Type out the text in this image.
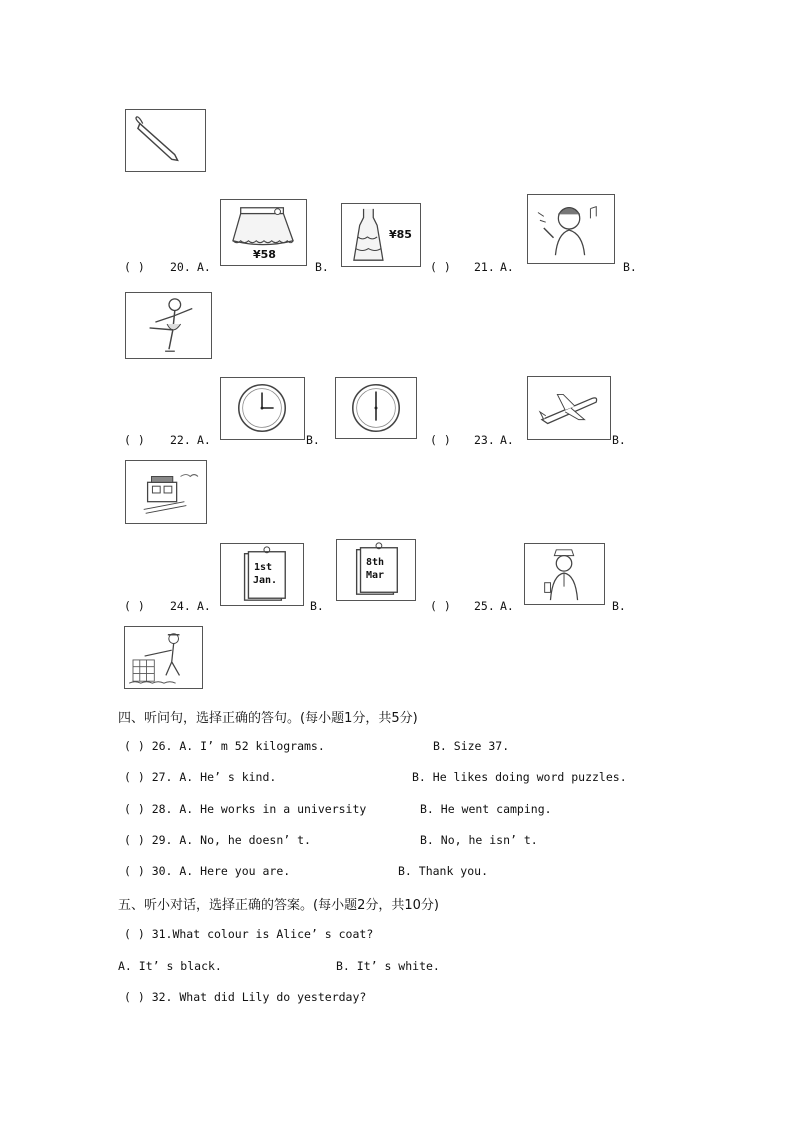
¥58
¥85
( ) 20. A.	B.	( ) 21. A.	B.
( ) 22. A.	B.	( ) 23. A.	B.
1st
Jan.
8th
Mar
( ) 24. A.	B.	( ) 25. A.	B.
四、听问句，选择正确的答句。(每小题1分，共5分)
( ) 26. A. I’ m 52 kilograms.	B. Size 37.
( ) 27. A. He’ s kind.	B. He likes doing word puzzles.
( ) 28. A. He works in a university	B. He went camping.
( ) 29. A. No, he doesn’ t.	B. No, he isn’ t.
( ) 30. A. Here you are.	B. Thank you.
五、听小对话，选择正确的答案。(每小题2分，共10分)
( ) 31.What colour is Alice’ s coat?
A. It’ s black.	B. It’ s white.
( ) 32. What did Lily do yesterday?
